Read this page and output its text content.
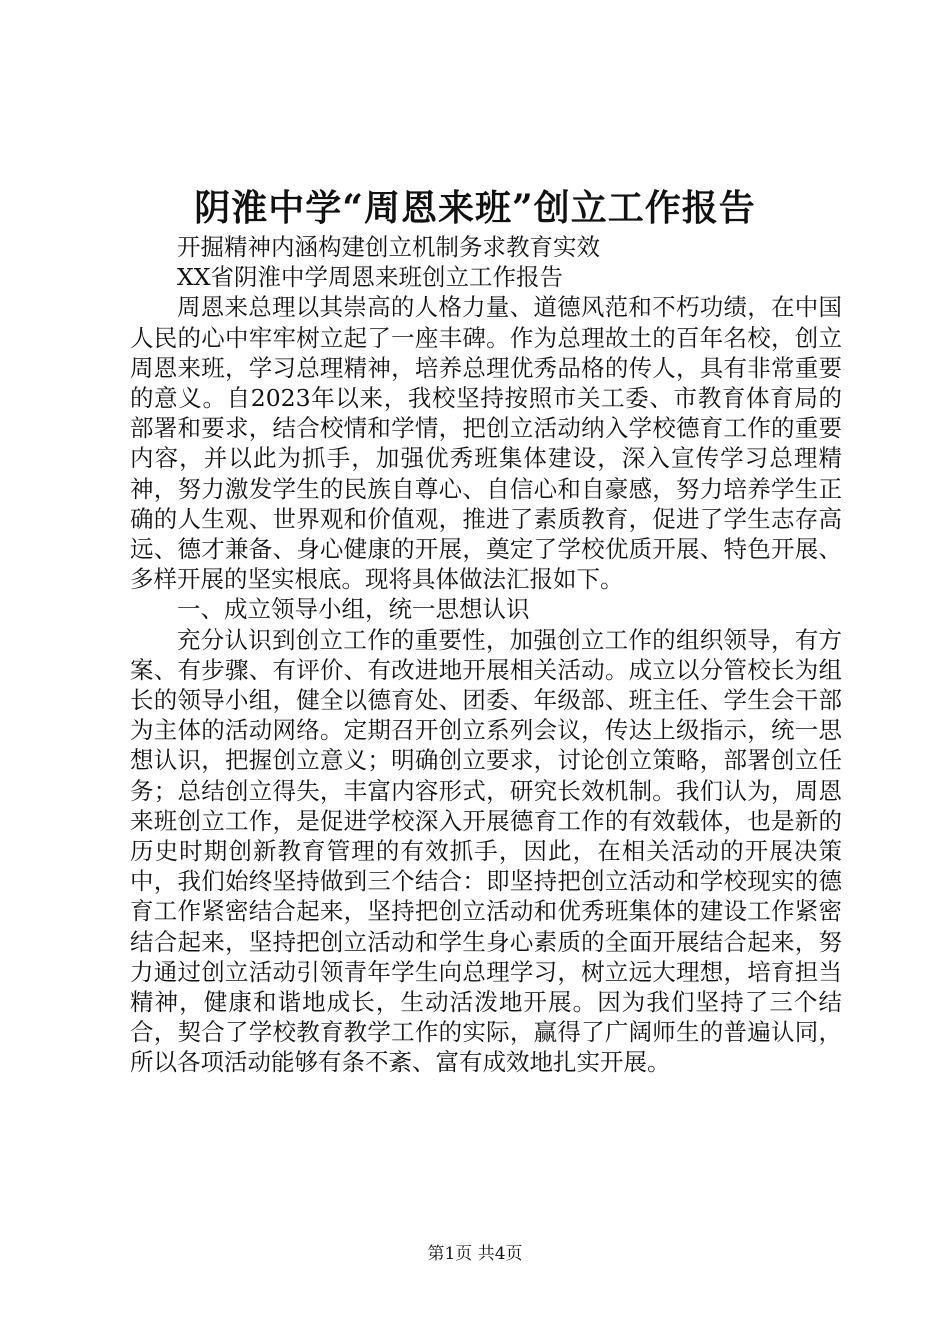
阴淮中学“周恩来班”创立工作报告

开掘精神内涵构建创立机制务求教育实效

XX省阴淮中学周恩来班创立工作报告

周恩来总理以其崇高的人格力量、道德风范和不朽功绩，在中国人民的心中牢牢树立起了一座丰碑。作为总理故土的百年名校，创立周恩来班，学习总理精神，培养总理优秀品格的传人，具有非常重要的意义。自2023年以来，我校坚持按照市关工委、市教育体育局的部署和要求，结合校情和学情，把创立活动纳入学校德育工作的重要内容，并以此为抓手，加强优秀班集体建设，深入宣传学习总理精神，努力激发学生的民族自尊心、自信心和自豪感，努力培养学生正确的人生观、世界观和价值观，推进了素质教育，促进了学生志存高远、德才兼备、身心健康的开展，奠定了学校优质开展、特色开展、多样开展的坚实根底。现将具体做法汇报如下。

一、成立领导小组，统一思想认识

充分认识到创立工作的重要性，加强创立工作的组织领导，有方案、有步骤、有评价、有改进地开展相关活动。成立以分管校长为组长的领导小组，健全以德育处、团委、年级部、班主任、学生会干部为主体的活动网络。定期召开创立系列会议，传达上级指示，统一思想认识，把握创立意义；明确创立要求，讨论创立策略，部署创立任务；总结创立得失，丰富内容形式，研究长效机制。我们认为，周恩来班创立工作，是促进学校深入开展德育工作的有效载体，也是新的历史时期创新教育管理的有效抓手，因此，在相关活动的开展决策中，我们始终坚持做到三个结合：即坚持把创立活动和学校现实的德育工作紧密结合起来，坚持把创立活动和优秀班集体的建设工作紧密结合起来，坚持把创立活动和学生身心素质的全面开展结合起来，努力通过创立活动引领青年学生向总理学习，树立远大理想，培育担当精神，健康和谐地成长，生动活泼地开展。因为我们坚持了三个结合，契合了学校教育教学工作的实际，赢得了广阔师生的普遍认同，所以各项活动能够有条不紊、富有成效地扎实开展。

第1页 共4页
